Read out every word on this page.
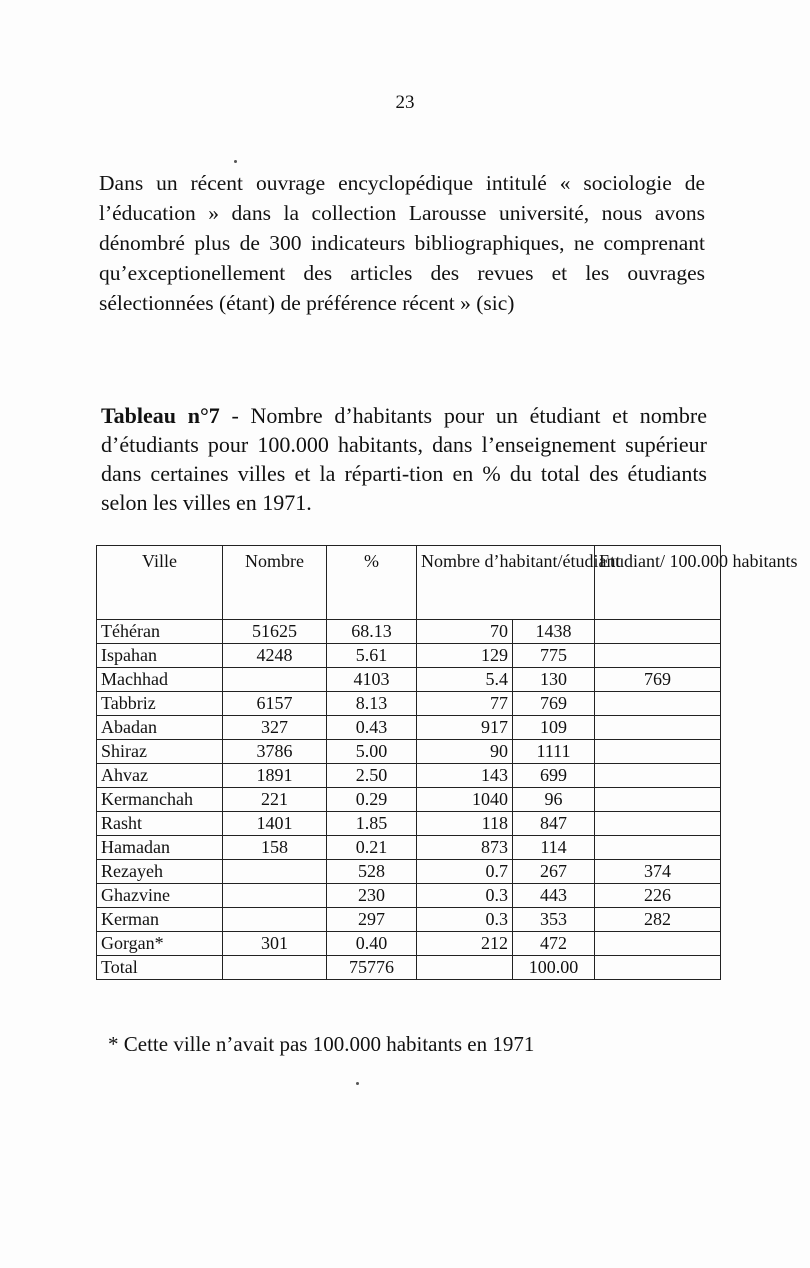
23
Dans un récent ouvrage encyclopédique intitulé « sociologie de l’éducation » dans la collection Larousse université, nous avons dénombré plus de 300 indicateurs bibliographiques, ne comprenant qu’exceptionellement des articles des revues et les ouvrages sélectionnées (étant) de préférence récent » (sic)
Tableau n°7 - Nombre d’habitants pour un étudiant et nombre d’étudiants pour 100.000 habitants, dans l’enseignement supérieur dans certaines villes et la réparti-tion en % du total des étudiants selon les villes en 1971.
Ville	Nombre	%	Nombre d’habitant/étudiant		Etudiant/ 100.000 habitants
Téhéran	51625	68.13	70	1438	
Ispahan	4248	5.61	129	775	
Machhad		4103	5.4	130	769
Tabbriz	6157	8.13	77	769	
Abadan	327	0.43	917	109	
Shiraz	3786	5.00	90	1111	
Ahvaz	1891	2.50	143	699	
Kermanchah	221	0.29	1040	96	
Rasht	1401	1.85	118	847	
Hamadan	158	0.21	873	114	
Rezayeh		528	0.7	267	374
Ghazvine		230	0.3	443	226
Kerman		297	0.3	353	282
Gorgan*	301	0.40	212	472	
Total		75776		100.00	
* Cette ville n’avait pas 100.000 habitants en 1971
